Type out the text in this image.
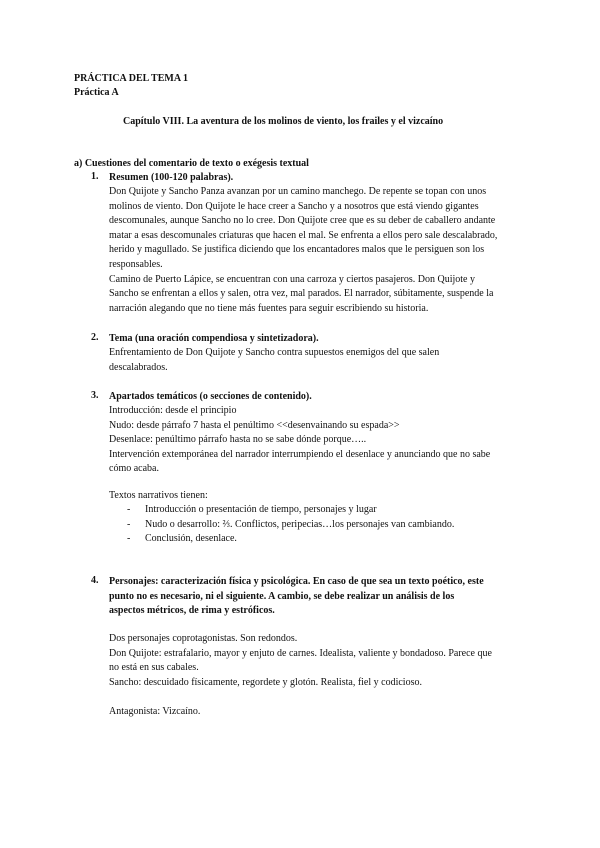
PRÁCTICA DEL TEMA 1
Práctica A
Capítulo VIII. La aventura de los molinos de viento, los frailes y el vizcaíno
a) Cuestiones del comentario de texto o exégesis textual
1. Resumen (100-120 palabras).
Don Quijote y Sancho Panza avanzan por un camino manchego. De repente se topan con unos
molinos de viento. Don Quijote le hace creer a Sancho y a nosotros que está viendo gigantes
descomunales, aunque Sancho no lo cree. Don Quijote cree que es su deber de caballero andante
matar a esas descomunales criaturas que hacen el mal. Se enfrenta a ellos pero sale descalabrado,
herido y magullado. Se justifica diciendo que los encantadores malos que le persiguen son los
responsables.
Camino de Puerto Lápice, se encuentran con una carroza y ciertos pasajeros. Don Quijote y
Sancho se enfrentan a ellos y salen, otra vez, mal parados. El narrador, súbitamente, suspende la
narración alegando que no tiene más fuentes para seguir escribiendo su historia.
2. Tema (una oración compendiosa y sintetizadora).
Enfrentamiento de Don Quijote y Sancho contra supuestos enemigos del que salen
descalabrados.
3. Apartados temáticos (o secciones de contenido).
Introducción: desde el principio
Nudo: desde párrafo 7 hasta el penúltimo <<desenvainando su espada>>
Desenlace: penúltimo párrafo hasta no se sabe dónde porque…..
Intervención extemporánea del narrador interrumpiendo el desenlace y anunciando que no sabe
cómo acaba.
Textos narrativos tienen:
- Introducción o presentación de tiempo, personajes y lugar
- Nudo o desarrollo: ⅔. Conflictos, peripecias…los personajes van cambiando.
- Conclusión, desenlace.
4. Personajes: caracterización física y psicológica. En caso de que sea un texto poético, este
punto no es necesario, ni el siguiente. A cambio, se debe realizar un análisis de los
aspectos métricos, de rima y estróficos.
Dos personajes coprotagonistas. Son redondos.
Don Quijote: estrafalario, mayor y enjuto de carnes. Idealista, valiente y bondadoso. Parece que
no está en sus cabales.
Sancho: descuidado físicamente, regordete y glotón. Realista, fiel y codicioso.
Antagonista: Vizcaíno.
